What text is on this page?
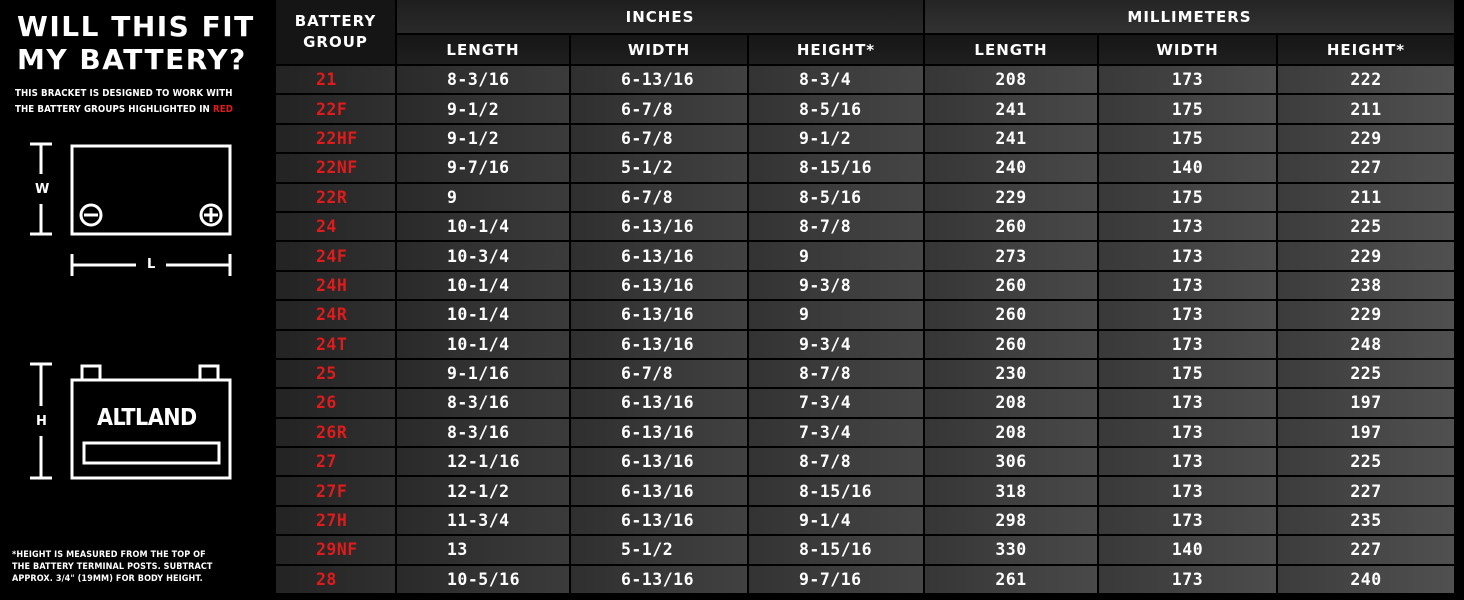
WILL THIS FIT
MY BATTERY?
THIS BRACKET IS DESIGNED TO WORK WITH
THE BATTERY GROUPS HIGHLIGHTED IN RED
W
L
H ALTLAND
*HEIGHT IS MEASURED FROM THE TOP OF
THE BATTERY TERMINAL POSTS. SUBTRACT
APPROX. 3/4" (19MM) FOR BODY HEIGHT.
BATTERY
GROUP
INCHES	MILLIMETERS
LENGTH	WIDTH	HEIGHT*	LENGTH	WIDTH	HEIGHT*
21	8-3/16	6-13/16	8-3/4	208	173	222
22F	9-1/2	6-7/8	8-5/16	241	175	211
22HF	9-1/2	6-7/8	9-1/2	241	175	229
22NF	9-7/16	5-1/2	8-15/16	240	140	227
22R	9	6-7/8	8-5/16	229	175	211
24	10-1/4	6-13/16	8-7/8	260	173	225
24F	10-3/4	6-13/16	9	273	173	229
24H	10-1/4	6-13/16	9-3/8	260	173	238
24R	10-1/4	6-13/16	9	260	173	229
24T	10-1/4	6-13/16	9-3/4	260	173	248
25	9-1/16	6-7/8	8-7/8	230	175	225
26	8-3/16	6-13/16	7-3/4	208	173	197
26R	8-3/16	6-13/16	7-3/4	208	173	197
27	12-1/16	6-13/16	8-7/8	306	173	225
27F	12-1/2	6-13/16	8-15/16	318	173	227
27H	11-3/4	6-13/16	9-1/4	298	173	235
29NF	13	5-1/2	8-15/16	330	140	227
28	10-5/16	6-13/16	9-7/16	261	173	240
